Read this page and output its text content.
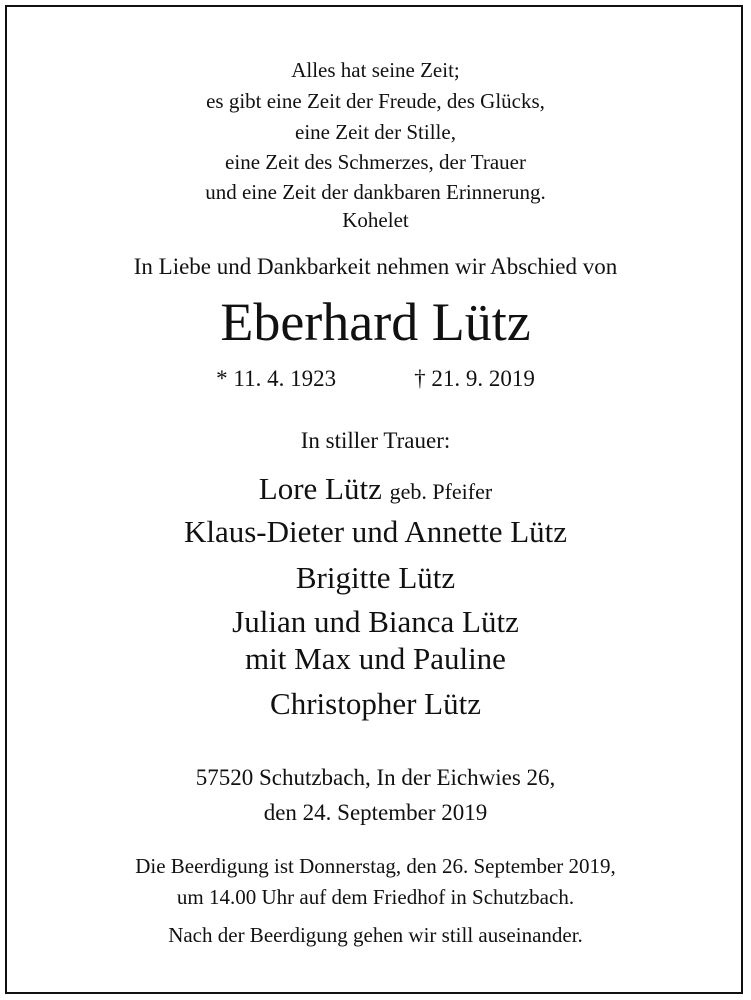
Alles hat seine Zeit;
es gibt eine Zeit der Freude, des Glücks,
eine Zeit der Stille,
eine Zeit des Schmerzes, der Trauer
und eine Zeit der dankbaren Erinnerung.
Kohelet
In Liebe und Dankbarkeit nehmen wir Abschied von
Eberhard Lütz
* 11. 4. 1923	† 21. 9. 2019
In stiller Trauer:
Lore Lütz geb. Pfeifer
Klaus-Dieter und Annette Lütz
Brigitte Lütz
Julian und Bianca Lütz
mit Max und Pauline
Christopher Lütz
57520 Schutzbach, In der Eichwies 26,
den 24. September 2019
Die Beerdigung ist Donnerstag, den 26. September 2019,
um 14.00 Uhr auf dem Friedhof in Schutzbach.
Nach der Beerdigung gehen wir still auseinander.
